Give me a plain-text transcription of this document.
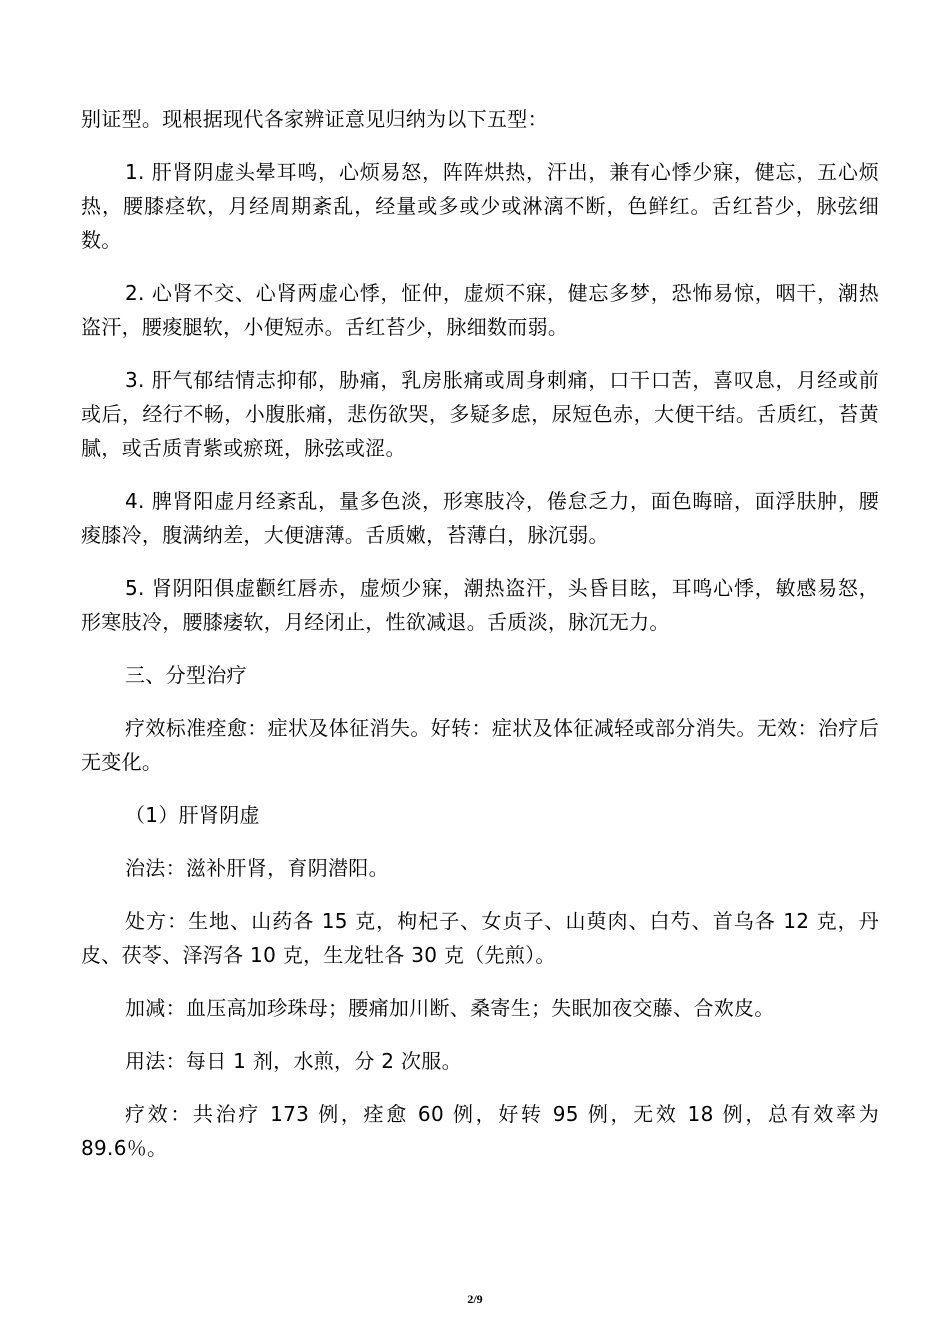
别证型。现根据现代各家辨证意见归纳为以下五型：

1. 肝肾阴虚头晕耳鸣，心烦易怒，阵阵烘热，汗出，兼有心悸少寐，健忘，五心烦热，腰膝痉软，月经周期紊乱，经量或多或少或淋漓不断，色鲜红。舌红苔少，脉弦细数。

2. 心肾不交、心肾两虚心悸，怔仲，虚烦不寐，健忘多梦，恐怖易惊，咽干，潮热盗汗，腰痠腿软，小便短赤。舌红苔少，脉细数而弱。

3. 肝气郁结情志抑郁，胁痛，乳房胀痛或周身刺痛，口干口苦，喜叹息，月经或前或后，经行不畅，小腹胀痛，悲伤欲哭，多疑多虑，尿短色赤，大便干结。舌质红，苔黄腻，或舌质青紫或瘀斑，脉弦或涩。

4. 脾肾阳虚月经紊乱，量多色淡，形寒肢冷，倦怠乏力，面色晦暗，面浮肤肿，腰痠膝冷，腹满纳差，大便溏薄。舌质嫩，苔薄白，脉沉弱。

5. 肾阴阳俱虚颧红唇赤，虚烦少寐，潮热盗汗，头昏目眩，耳鸣心悸，敏感易怒，形寒肢冷，腰膝痿软，月经闭止，性欲减退。舌质淡，脉沉无力。

三、分型治疗

疗效标准痊愈：症状及体征消失。好转：症状及体征减轻或部分消失。无效：治疗后无变化。

（1）肝肾阴虚

治法：滋补肝肾，育阴潜阳。

处方：生地、山药各 15 克，枸杞子、女贞子、山萸肉、白芍、首乌各 12 克，丹皮、茯苓、泽泻各 10 克，生龙牡各 30 克（先煎）。

加减：血压高加珍珠母；腰痛加川断、桑寄生；失眠加夜交藤、合欢皮。

用法：每日 1 剂，水煎，分 2 次服。

疗效：共治疗 173 例，痊愈 60 例，好转 95 例，无效 18 例，总有效率为89.6％。

2/9
